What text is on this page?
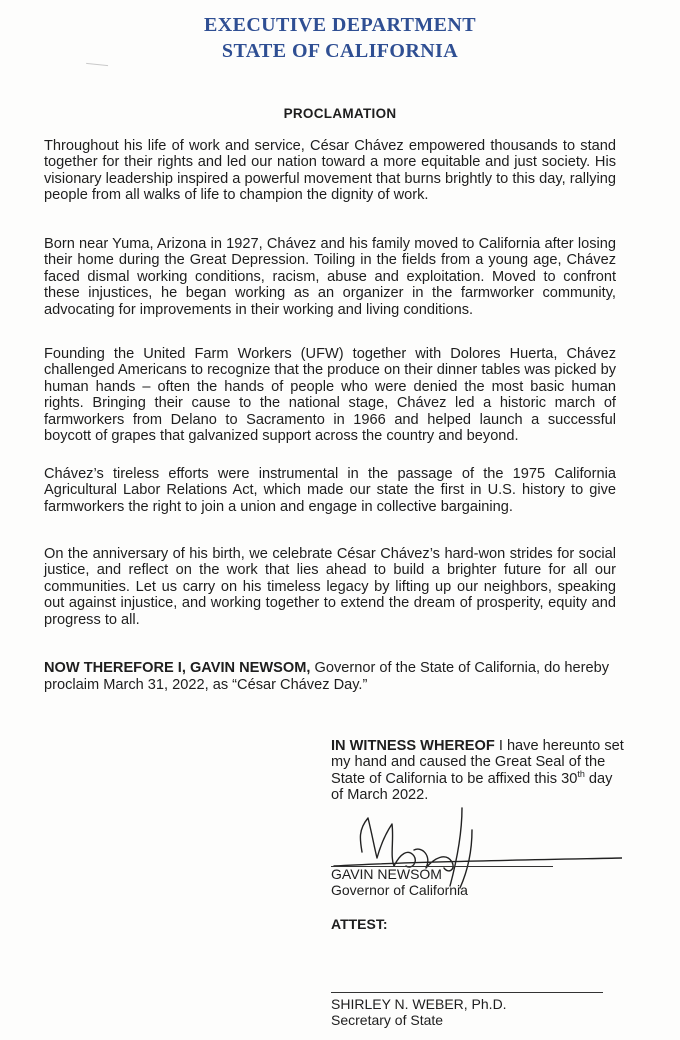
EXECUTIVE DEPARTMENT
STATE OF CALIFORNIA
PROCLAMATION

Throughout his life of work and service, César Chávez empowered thousands to stand together for their rights and led our nation toward a more equitable and just society. His visionary leadership inspired a powerful movement that burns brightly to this day, rallying people from all walks of life to champion the dignity of work.

Born near Yuma, Arizona in 1927, Chávez and his family moved to California after losing their home during the Great Depression. Toiling in the fields from a young age, Chávez faced dismal working conditions, racism, abuse and exploitation. Moved to confront these injustices, he began working as an organizer in the farmworker community, advocating for improvements in their working and living conditions.

Founding the United Farm Workers (UFW) together with Dolores Huerta, Chávez challenged Americans to recognize that the produce on their dinner tables was picked by human hands – often the hands of people who were denied the most basic human rights. Bringing their cause to the national stage, Chávez led a historic march of farmworkers from Delano to Sacramento in 1966 and helped launch a successful boycott of grapes that galvanized support across the country and beyond.

Chávez’s tireless efforts were instrumental in the passage of the 1975 California Agricultural Labor Relations Act, which made our state the first in U.S. history to give farmworkers the right to join a union and engage in collective bargaining.

On the anniversary of his birth, we celebrate César Chávez’s hard-won strides for social justice, and reflect on the work that lies ahead to build a brighter future for all our communities. Let us carry on his timeless legacy by lifting up our neighbors, speaking out against injustice, and working together to extend the dream of prosperity, equity and progress to all.

NOW THEREFORE I, GAVIN NEWSOM, Governor of the State of California, do hereby proclaim March 31, 2022, as “César Chávez Day.”

IN WITNESS WHEREOF I have hereunto set my hand and caused the Great Seal of the State of California to be affixed this 30th day of March 2022.

GAVIN NEWSOM
Governor of California
ATTEST:
SHIRLEY N. WEBER, Ph.D.
Secretary of State
